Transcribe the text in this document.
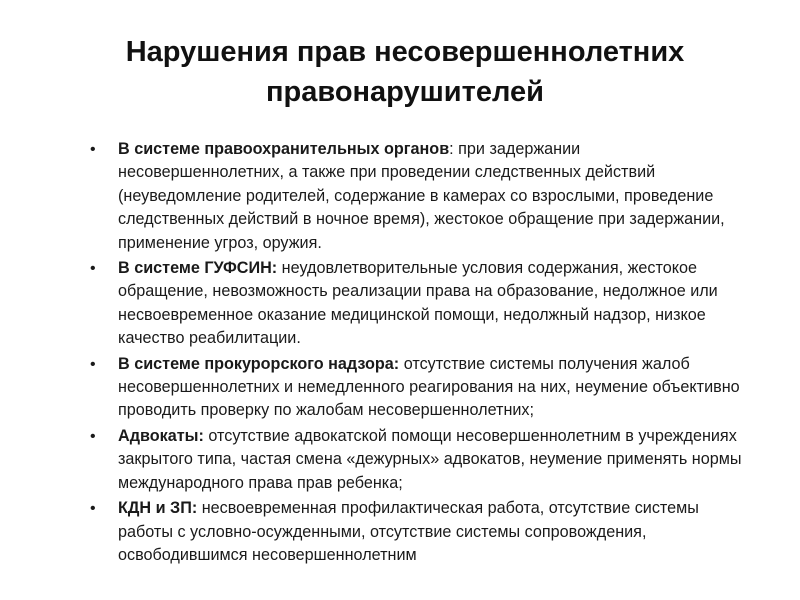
Нарушения прав несовершеннолетних
правонарушителей
• В системе правоохранительных органов: при задержании несовершеннолетних, а также при проведении следственных действий (неуведомление родителей, содержание в камерах со взрослыми, проведение следственных действий в ночное время), жестокое обращение при задержании, применение угроз, оружия.
• В системе ГУФСИН: неудовлетворительные условия содержания, жестокое обращение, невозможность реализации права на образование, недолжное или несвоевременное оказание медицинской помощи, недолжный надзор, низкое качество реабилитации.
• В системе прокурорского надзора: отсутствие системы получения жалоб несовершеннолетних и немедленного реагирования на них, неумение объективно проводить проверку по жалобам несовершеннолетних;
• Адвокаты: отсутствие адвокатской помощи несовершеннолетним в учреждениях закрытого типа, частая смена «дежурных» адвокатов, неумение применять нормы международного права прав ребенка;
• КДН и ЗП: несвоевременная профилактическая работа, отсутствие системы работы с условно-осужденными, отсутствие системы сопровождения, освободившимся несовершеннолетним
